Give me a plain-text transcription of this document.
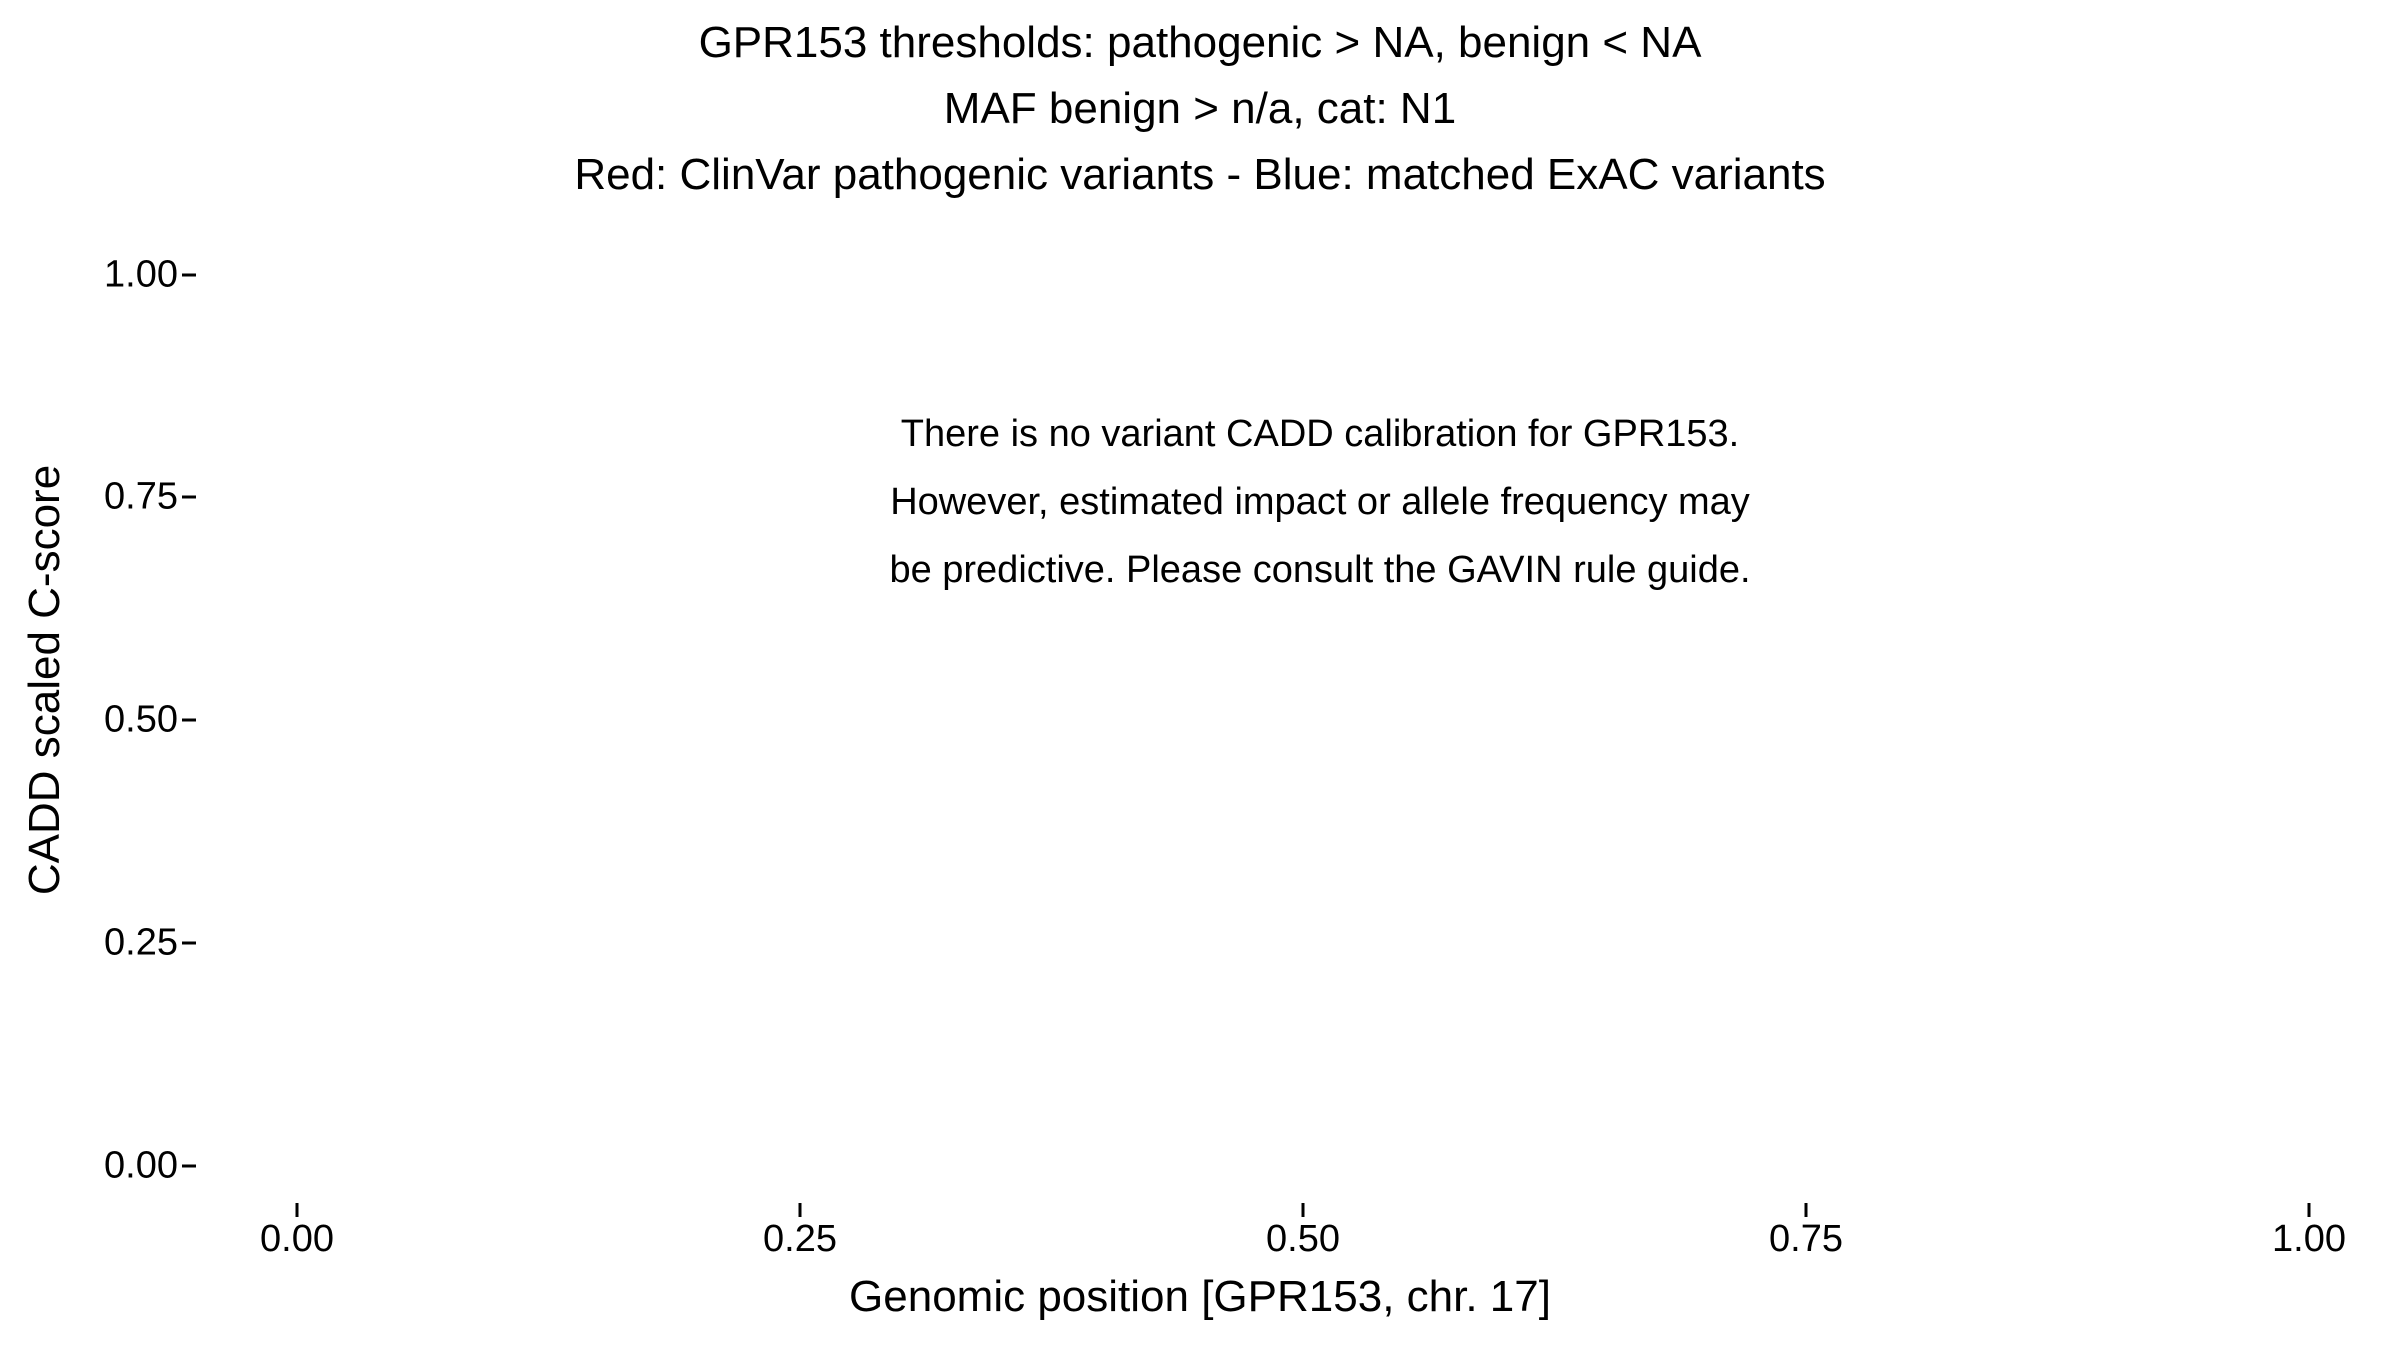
GPR153 thresholds: pathogenic > NA, benign < NA
MAF benign > n/a, cat: N1
Red: ClinVar pathogenic variants - Blue: matched ExAC variants
1.00
0.75
0.50
0.25
0.00
0.00	0.25	0.50	0.75	1.00
Genomic position [GPR153, chr. 17]
CADD scaled C-score
There is no variant CADD calibration for GPR153.
However, estimated impact or allele frequency may
be predictive. Please consult the GAVIN rule guide.
